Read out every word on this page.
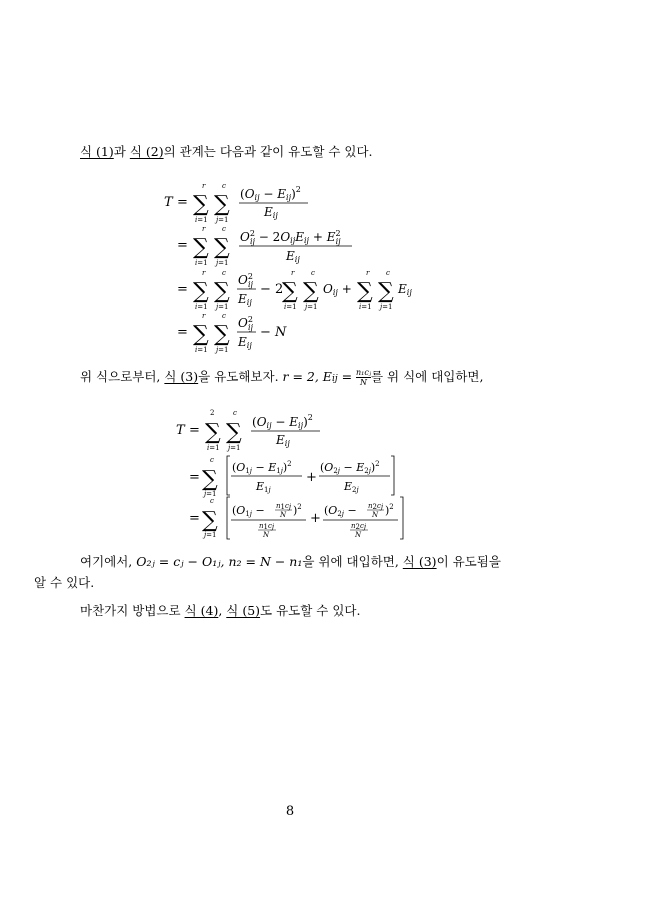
식 (1)과 식 (2)의 관계는 다음과 같이 유도할 수 있다.
T =
r
∑
i=1
c
∑
j=1
(Oij − Eij)$^2$
Eij
=
r
∑
i=1
c
∑
j=1
$O^2$ ij − 2OijEij + $E^2$ ij
Eij
=
r
∑
i=1
c
∑
j=1
$O^2$ ij
Eij
− 2
r
∑
i=1
c
∑
j=1
Oij +
r
∑
i=1
c
∑
j=1
Eij
=
r
∑
i=1
c
∑
j=1
$O^2$ ij
Eij
− N
위 식으로부터, 식 (3)을 유도해보자. r = 2, Eij = $\frac{\text{n₁cⱼ}}{N}$ 를 위 식에 대입하면,
T =
2
∑
i=1
c
∑
j=1
(Oij − Eij)$^2$
Eij
=
c
∑
j=1
$(O1j - E1j)^2$
E1j
+
$(O2j - E2j)^2$
E2j
=
c
∑
j=1
(O1j − n1cj
N )$^2$
n1cj
N
+
(O2j − n2cj
N )$^2$
n2cj
N
여기에서, O₂ⱼ = cⱼ − O₁ⱼ, n₂ = N − n₁을 위에 대입하면, 식 (3)이 유도됨을
알 수 있다.
마찬가지 방법으로 식 (4), 식 (5)도 유도할 수 있다.
8
